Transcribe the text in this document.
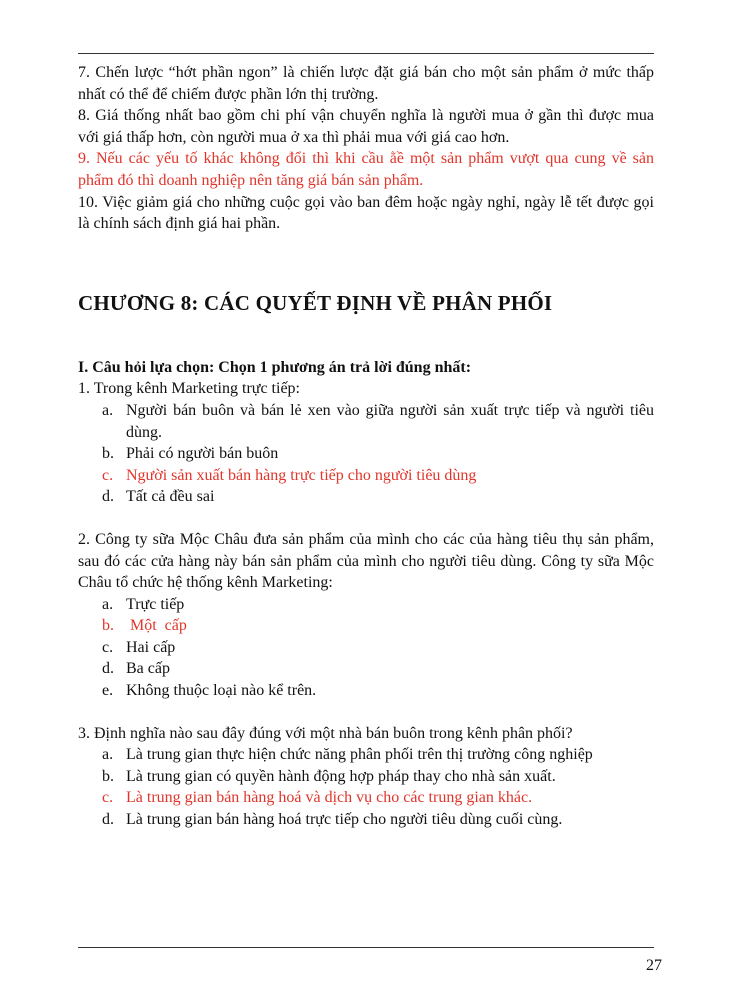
7. Chến lược “hớt phần ngon” là chiến lược đặt giá bán cho một sản phẩm ở mức thấp nhất có thể để chiếm được phần lớn thị trường.

8. Giá thống nhất bao gồm chi phí vận chuyển nghĩa là người mua ở gần thì được mua với giá thấp hơn, còn người mua ở xa thì phải mua với giá cao hơn.

9. Nếu các yếu tố khác không đổi thì khi cầu ằề một sản phẩm vượt qua cung về sản phẩm đó thì doanh nghiệp nên tăng giá bán sản phẩm.

10. Việc giảm giá cho những cuộc gọi vào ban đêm hoặc ngày nghỉ, ngày lễ tết được gọi là chính sách định giá hai phần.

CHƯƠNG 8: CÁC QUYẾT ĐỊNH VỀ PHÂN PHỐI

I. Câu hỏi lựa chọn: Chọn 1 phương án trả lời đúng nhất:

1. Trong kênh Marketing trực tiếp:

a. Người bán buôn và bán lẻ xen vào giữa người sản xuất trực tiếp và người tiêu dùng.
b. Phải có người bán buôn
c. Người sản xuất bán hàng trực tiếp cho người tiêu dùng
d. Tất cả đều sai

2. Công ty sữa Mộc Châu đưa sản phẩm của mình cho các của hàng tiêu thụ sản phẩm, sau đó các cửa hàng này bán sản phẩm của mình cho người tiêu dùng. Công ty sữa Mộc Châu tổ chức hệ thống kênh Marketing:

a. Trực tiếp
b. Một  cấp
c. Hai cấp
d. Ba cấp
e. Không thuộc loại nào kể trên.

3. Định nghĩa nào sau đây đúng với một nhà bán buôn trong kênh phân phối?

a. Là trung gian thực hiện chức năng phân phối trên thị trường công nghiệp
b. Là trung gian có quyền hành động hợp pháp thay cho nhà sản xuất.
c. Là trung gian bán hàng hoá và dịch vụ cho các trung gian khác.
d. Là trung gian bán hàng hoá trực tiếp cho người tiêu dùng cuối cùng.
27
